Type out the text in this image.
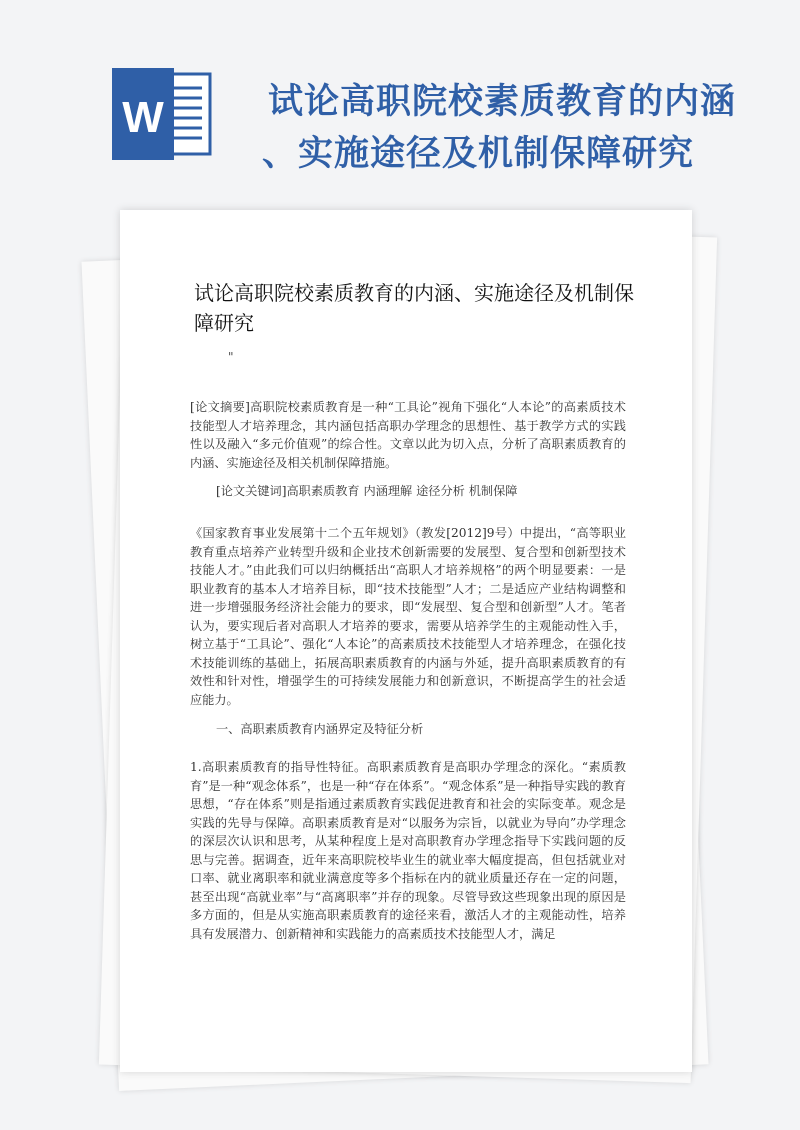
W	试论高职院校素质教育的内涵
、实施途径及机制保障研究
试论高职院校素质教育的内涵、实施途径及机制保障研究
"
[论文摘要]高职院校素质教育是一种“工具论”视角下强化“人本论”的高素质技术技能型人才培养理念，其内涵包括高职办学理念的思想性、基于教学方式的实践性以及融入“多元价值观”的综合性。文章以此为切入点，分析了高职素质教育的内涵、实施途径及相关机制保障措施。
[论文关键词]高职素质教育 内涵理解 途径分析 机制保障
《国家教育事业发展第十二个五年规划》（教发[2012]9号）中提出，“高等职业教育重点培养产业转型升级和企业技术创新需要的发展型、复合型和创新型技术技能人才。”由此我们可以归纳概括出“高职人才培养规格”的两个明显要素：一是职业教育的基本人才培养目标，即“技术技能型”人才；二是适应产业结构调整和进一步增强服务经济社会能力的要求，即“发展型、复合型和创新型”人才。笔者认为，要实现后者对高职人才培养的要求，需要从培养学生的主观能动性入手，树立基于“工具论”、强化“人本论”的高素质技术技能型人才培养理念，在强化技术技能训练的基础上，拓展高职素质教育的内涵与外延，提升高职素质教育的有效性和针对性，增强学生的可持续发展能力和创新意识，不断提高学生的社会适应能力。
一、高职素质教育内涵界定及特征分析
1.高职素质教育的指导性特征。高职素质教育是高职办学理念的深化。“素质教育”是一种“观念体系”，也是一种“存在体系”。“观念体系”是一种指导实践的教育思想，“存在体系”则是指通过素质教育实践促进教育和社会的实际变革。观念是实践的先导与保障。高职素质教育是对“以服务为宗旨，以就业为导向”办学理念的深层次认识和思考，从某种程度上是对高职教育办学理念指导下实践问题的反思与完善。据调查，近年来高职院校毕业生的就业率大幅度提高，但包括就业对口率、就业离职率和就业满意度等多个指标在内的就业质量还存在一定的问题，甚至出现“高就业率”与“高离职率”并存的现象。尽管导致这些现象出现的原因是多方面的，但是从实施高职素质教育的途径来看，激活人才的主观能动性，培养具有发展潜力、创新精神和实践能力的高素质技术技能型人才，满足
